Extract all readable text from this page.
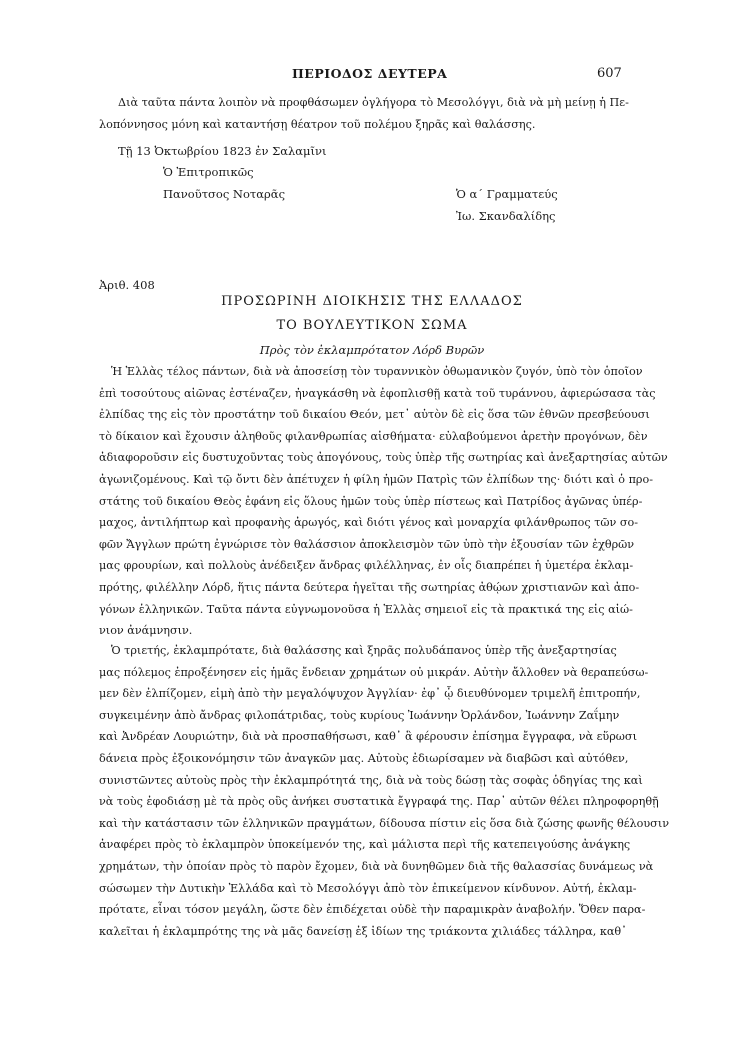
ΠΕΡΙΟΔΟΣ ΔΕΥΤΕΡΑ	607
Διὰ ταῦτα πάντα λοιπὸν νὰ προφθάσωμεν ὀγλήγορα τὸ Μεσολόγγι, διὰ νὰ μὴ μείνῃ ἡ Πε-
λοπόννησος μόνη καὶ καταντήσῃ θέατρον τοῦ πολέμου ξηρᾶς καὶ θαλάσσης.
Τῇ 13 Ὀκτωβρίου 1823 ἐν Σαλαμῖνι
Ὁ Ἐπιτροπικῶς
Πανοῦτσος Νοταρᾶς	Ὁ α΄ Γραμματεύς
Ἰω. Σκανδαλίδης
Ἀριθ. 408
ΠΡΟΣΩΡΙΝΗ ΔΙΟΙΚΗΣΙΣ ΤΗΣ ΕΛΛΑΔΟΣ
ΤΟ ΒΟΥΛΕΥΤΙΚΟΝ ΣΩΜΑ
Πρὸς τὸν ἐκλαμπρότατον Λόρδ Βυρῶν
Ἡ Ἑλλὰς τέλος πάντων, διὰ νὰ ἀποσείσῃ τὸν τυραννικὸν ὀθωμανικὸν ζυγόν, ὑπὸ τὸν ὁποῖον
ἐπὶ τοσούτους αἰῶνας ἐστέναζεν, ἠναγκάσθη νὰ ἐφοπλισθῇ κατὰ τοῦ τυράννου, ἀφιερώσασα τὰς
ἐλπίδας της εἰς τὸν προστάτην τοῦ δικαίου Θεόν, μετ᾿ αὐτὸν δὲ εἰς ὅσα τῶν ἐθνῶν πρεσβεύουσι
τὸ δίκαιον καὶ ἔχουσιν ἀληθοῦς φιλανθρωπίας αἰσθήματα· εὐλαβούμενοι ἀρετὴν προγόνων, δὲν
ἀδιαφοροῦσιν εἰς δυστυχοῦντας τοὺς ἀπογόνους, τοὺς ὑπὲρ τῆς σωτηρίας καὶ ἀνεξαρτησίας αὐτῶν
ἀγωνιζομένους. Καὶ τῷ ὄντι δὲν ἀπέτυχεν ἡ φίλη ἡμῶν Πατρὶς τῶν ἐλπίδων της· διότι καὶ ὁ προ-
στάτης τοῦ δικαίου Θεὸς ἐφάνη εἰς ὅλους ἡμῶν τοὺς ὑπὲρ πίστεως καὶ Πατρίδος ἀγῶνας ὑπέρ-
μαχος, ἀντιλήπτωρ καὶ προφανὴς ἀρωγός, καὶ διότι γένος καὶ μοναρχία φιλάνθρωπος τῶν σο-
φῶν Ἄγγλων πρώτη ἐγνώρισε τὸν θαλάσσιον ἀποκλεισμὸν τῶν ὑπὸ τὴν ἐξουσίαν τῶν ἐχθρῶν
μας φρουρίων, καὶ πολλοὺς ἀνέδειξεν ἄνδρας φιλέλληνας, ἐν οἷς διαπρέπει ἡ ὑμετέρα ἐκλαμ-
πρότης, φιλέλλην Λόρδ, ἥτις πάντα δεύτερα ἡγεῖται τῆς σωτηρίας ἀθῴων χριστιανῶν καὶ ἀπο-
γόνων ἑλληνικῶν. Ταῦτα πάντα εὐγνωμονοῦσα ἡ Ἑλλὰς σημειοῖ εἰς τὰ πρακτικά της εἰς αἰώ-
νιον ἀνάμνησιν.
Ὁ τριετής, ἐκλαμπρότατε, διὰ θαλάσσης καὶ ξηρᾶς πολυδάπανος ὑπὲρ τῆς ἀνεξαρτησίας
μας πόλεμος ἐπροξένησεν εἰς ἡμᾶς ἔνδειαν χρημάτων οὐ μικράν. Αὐτὴν ἄλλοθεν νὰ θεραπεύσω-
μεν δὲν ἐλπίζομεν, εἰμὴ ἀπὸ τὴν μεγαλόψυχον Ἀγγλίαν· ἐφ᾿ ᾧ διευθύνομεν τριμελῆ ἐπιτροπήν,
συγκειμένην ἀπὸ ἄνδρας φιλοπάτριδας, τοὺς κυρίους Ἰωάννην Ὀρλάνδον, Ἰωάννην Ζαΐμην
καὶ Ἀνδρέαν Λουριώτην, διὰ νὰ προσπαθήσωσι, καθ᾿ ἃ φέρουσιν ἐπίσημα ἔγγραφα, νὰ εὕρωσι
δάνεια πρὸς ἐξοικονόμησιν τῶν ἀναγκῶν μας. Αὐτοὺς ἐδιωρίσαμεν νὰ διαβῶσι καὶ αὐτόθεν,
συνιστῶντες αὐτοὺς πρὸς τὴν ἐκλαμπρότητά της, διὰ νὰ τοὺς δώσῃ τὰς σοφὰς ὁδηγίας της καὶ
νὰ τοὺς ἐφοδιάσῃ μὲ τὰ πρὸς οὓς ἀνήκει συστατικὰ ἔγγραφά της. Παρ᾿ αὐτῶν θέλει πληροφορηθῇ
καὶ τὴν κατάστασιν τῶν ἑλληνικῶν πραγμάτων, δίδουσα πίστιν εἰς ὅσα διὰ ζώσης φωνῆς θέλουσιν
ἀναφέρει πρὸς τὸ ἐκλαμπρὸν ὑποκείμενόν της, καὶ μάλιστα περὶ τῆς κατεπειγούσης ἀνάγκης
χρημάτων, τὴν ὁποίαν πρὸς τὸ παρὸν ἔχομεν, διὰ νὰ δυνηθῶμεν διὰ τῆς θαλασσίας δυνάμεως νὰ
σώσωμεν τὴν Δυτικὴν Ἑλλάδα καὶ τὸ Μεσολόγγι ἀπὸ τὸν ἐπικείμενον κίνδυνον. Αὐτή, ἐκλαμ-
πρότατε, εἶναι τόσον μεγάλη, ὥστε δὲν ἐπιδέχεται οὐδὲ τὴν παραμικρὰν ἀναβολήν. Ὅθεν παρα-
καλεῖται ἡ ἐκλαμπρότης της νὰ μᾶς δανείσῃ ἐξ ἰδίων της τριάκοντα χιλιάδες τάλληρα, καθ᾿
